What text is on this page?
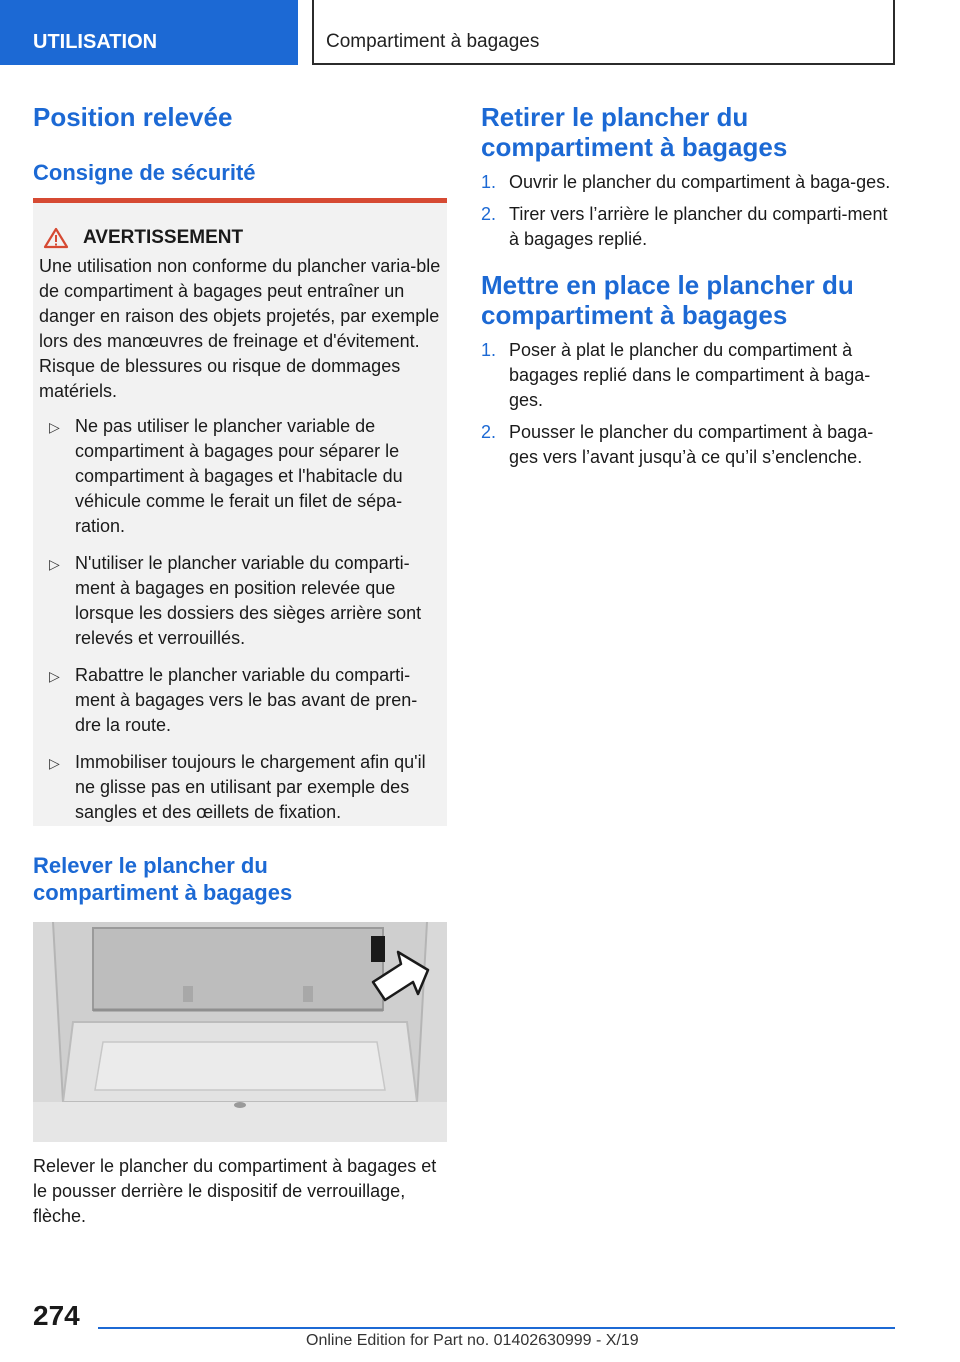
UTILISATION	Compartiment à bagages
Position relevée
Consigne de sécurité
AVERTISSEMENT
Une utilisation non conforme du plancher varia-ble de compartiment à bagages peut entraîner un danger en raison des objets projetés, par exemple lors des manœuvres de freinage et d'évitement. Risque de blessures ou risque de dommages matériels.
▷ Ne pas utiliser le plancher variable de compartiment à bagages pour séparer le compartiment à bagages et l'habitacle du véhicule comme le ferait un filet de sépa-ration.
▷ N'utiliser le plancher variable du comparti-ment à bagages en position relevée que lorsque les dossiers des sièges arrière sont relevés et verrouillés.
▷ Rabattre le plancher variable du comparti-ment à bagages vers le bas avant de pren-dre la route.
▷ Immobiliser toujours le chargement afin qu'il ne glisse pas en utilisant par exemple des sangles et des œillets de fixation.
Relever le plancher du compartiment à bagages
Relever le plancher du compartiment à bagages et le pousser derrière le dispositif de verrouillage, flèche.
Retirer le plancher du compartiment à bagages
1. Ouvrir le plancher du compartiment à baga-ges.
2. Tirer vers l’arrière le plancher du comparti-ment à bagages replié.
Mettre en place le plancher du compartiment à bagages
1. Poser à plat le plancher du compartiment à bagages replié dans le compartiment à baga-ges.
2. Pousser le plancher du compartiment à baga-ges vers l’avant jusqu’à ce qu’il s’enclenche.
274
Online Edition for Part no. 01402630999 - X/19
